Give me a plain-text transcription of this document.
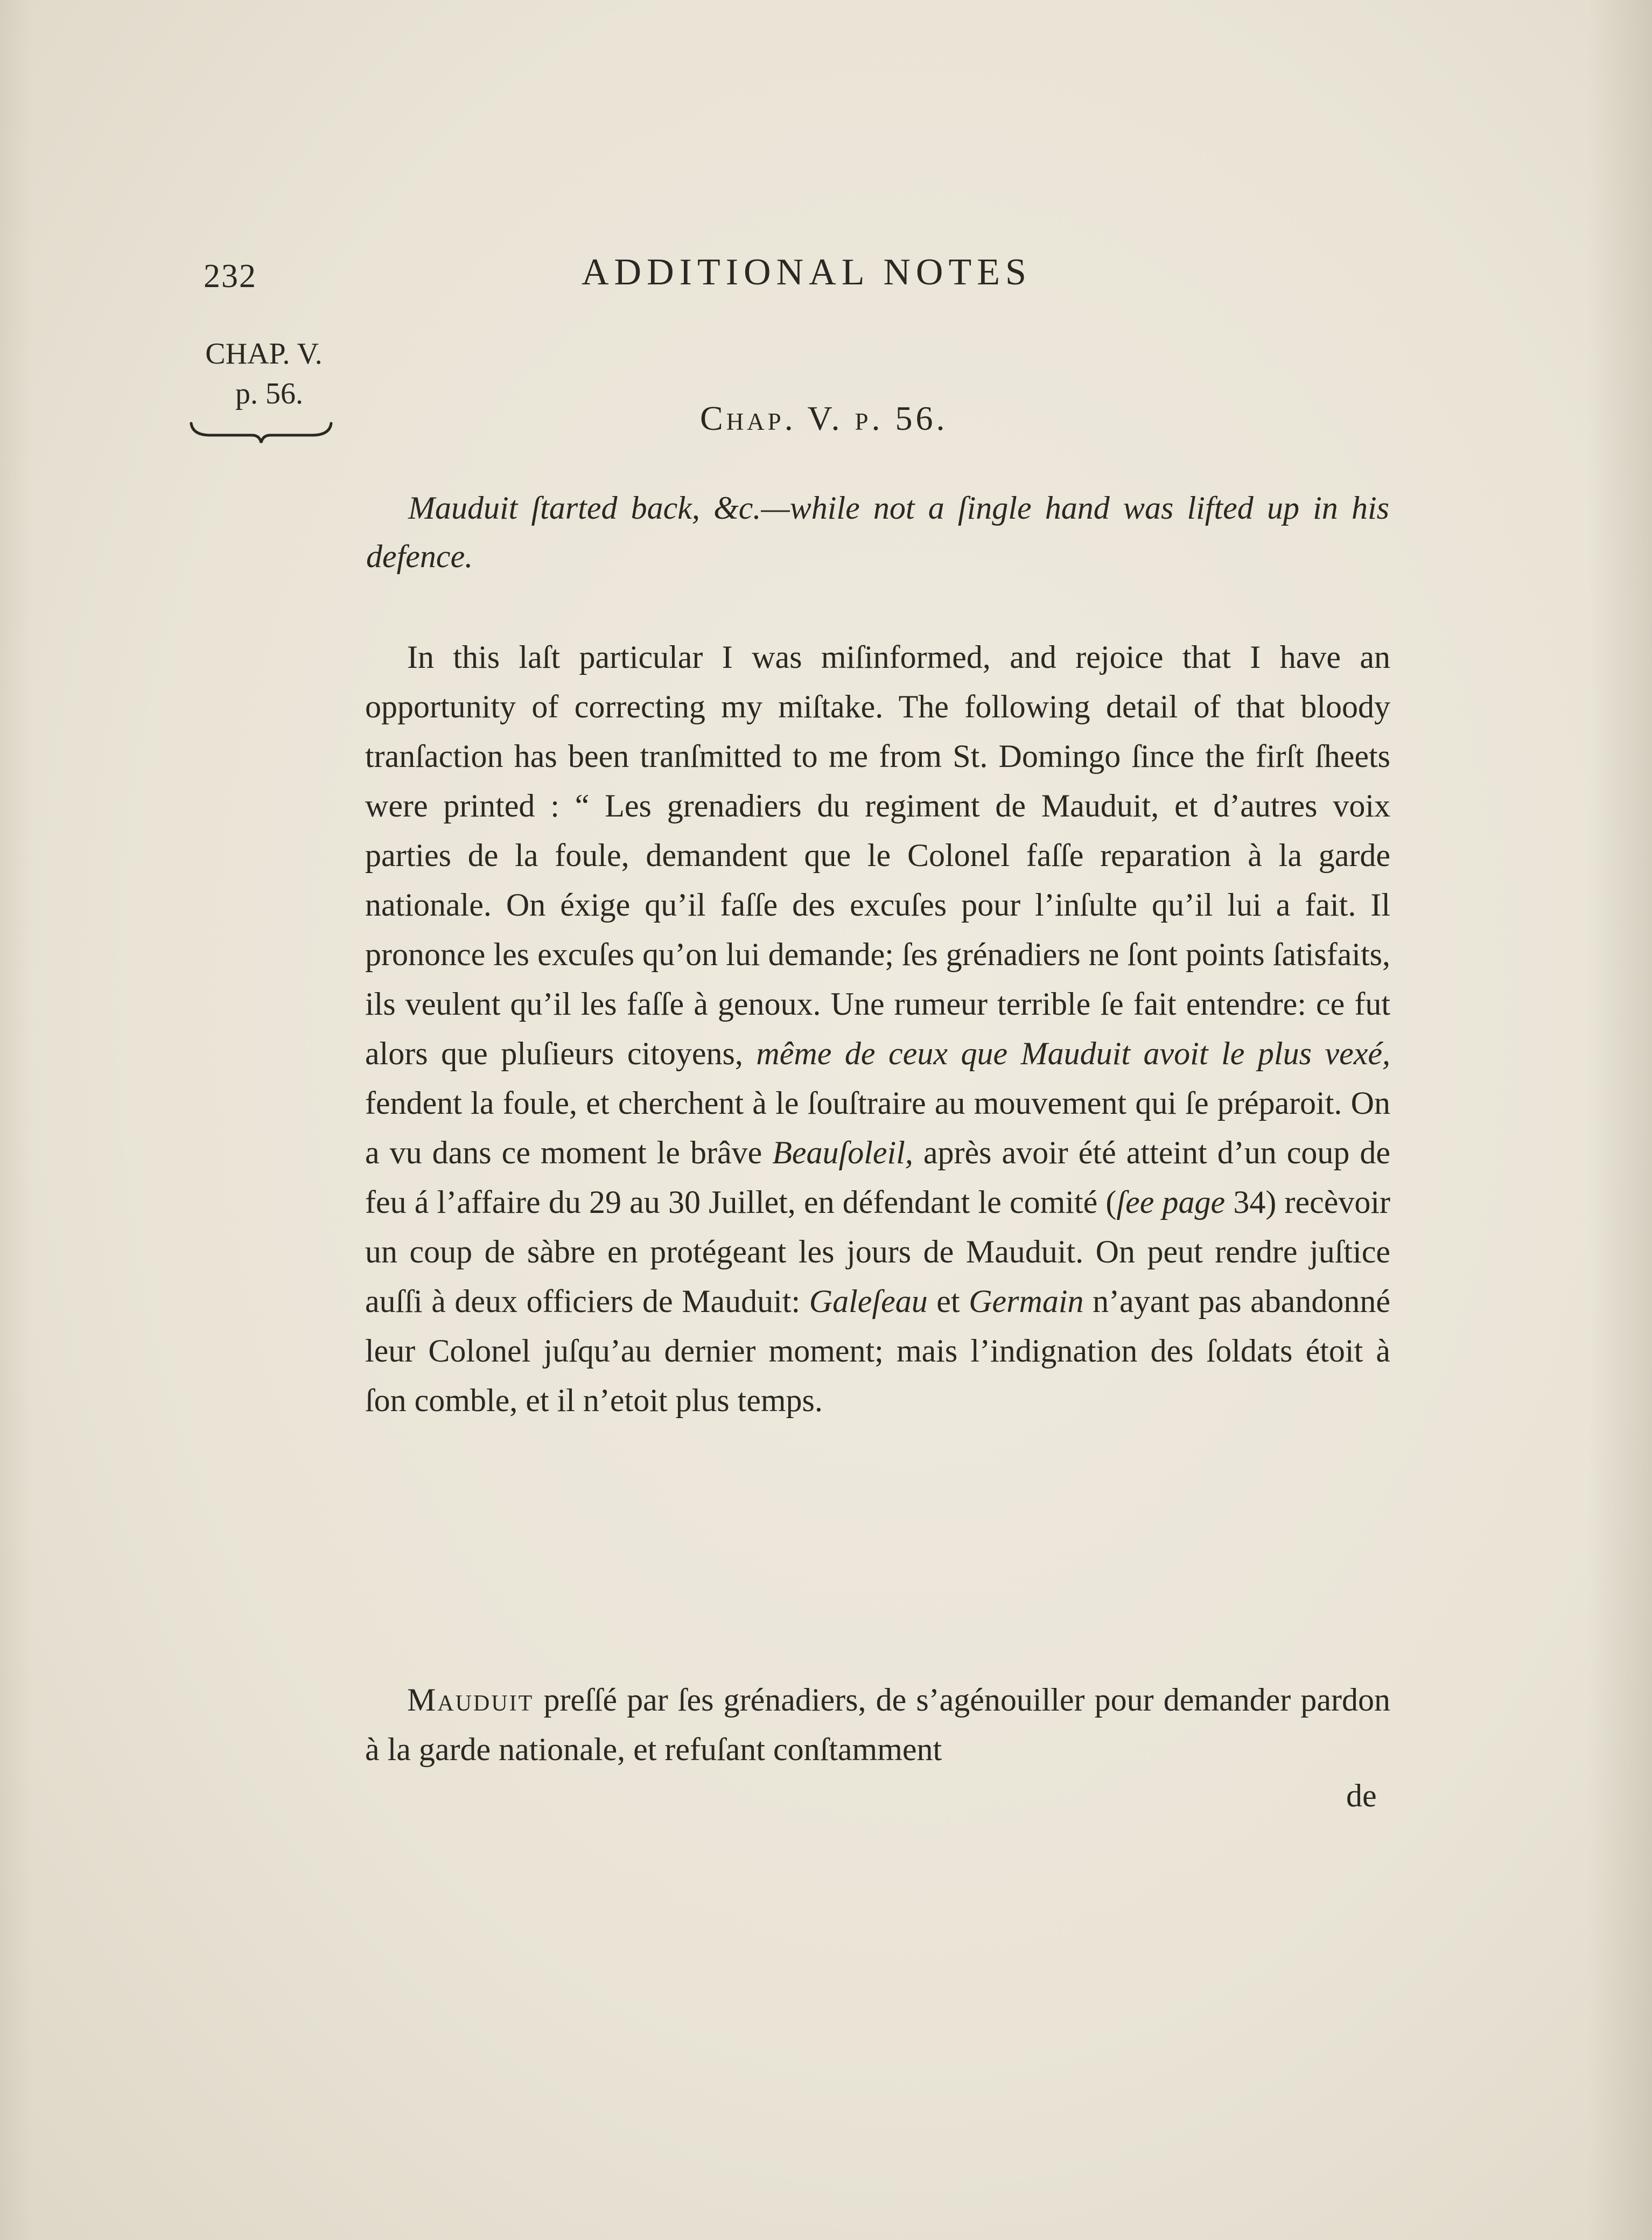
232	ADDITIONAL NOTES
CHAP. V.
p. 56.
Chap. V. p. 56.
Mauduit ſtarted back, &c.—while not a ſingle hand was lifted up in his defence.
In this laſt particular I was miſinformed, and rejoice that I have an opportunity of correcting my miſtake. The following detail of that bloody tranſaction has been tranſmitted to me from St. Domingo ſince the firſt ſheets were printed : “ Les grenadiers du regiment de Mauduit, et d’autres voix parties de la foule, demandent que le Colonel faſſe reparation à la garde nationale. On éxige qu’il faſſe des excuſes pour l’inſulte qu’il lui a fait. Il prononce les excuſes qu’on lui demande; ſes grénadiers ne ſont points ſatisfaits, ils veulent qu’il les faſſe à genoux. Une rumeur terrible ſe fait entendre: ce fut alors que pluſieurs citoyens, même de ceux que Mauduit avoit le plus vexé, fendent la foule, et cherchent à le ſouſtraire au mouvement qui ſe préparoit. On a vu dans ce moment le brâve Beauſoleil, après avoir été atteint d’un coup de feu á l’affaire du 29 au 30 Juillet, en défendant le comité (ſee page 34) recèvoir un coup de sàbre en protégeant les jours de Mauduit. On peut rendre juſtice auſſi à deux officiers de Mauduit: Galeſeau et Germain n’ayant pas abandonné leur Colonel juſqu’au dernier moment; mais l’indignation des ſoldats étoit à ſon comble, et il n’etoit plus temps.
Mauduit preſſé par ſes grénadiers, de s’agénouiller pour demander pardon à la garde nationale, et refuſant conſtamment
de
